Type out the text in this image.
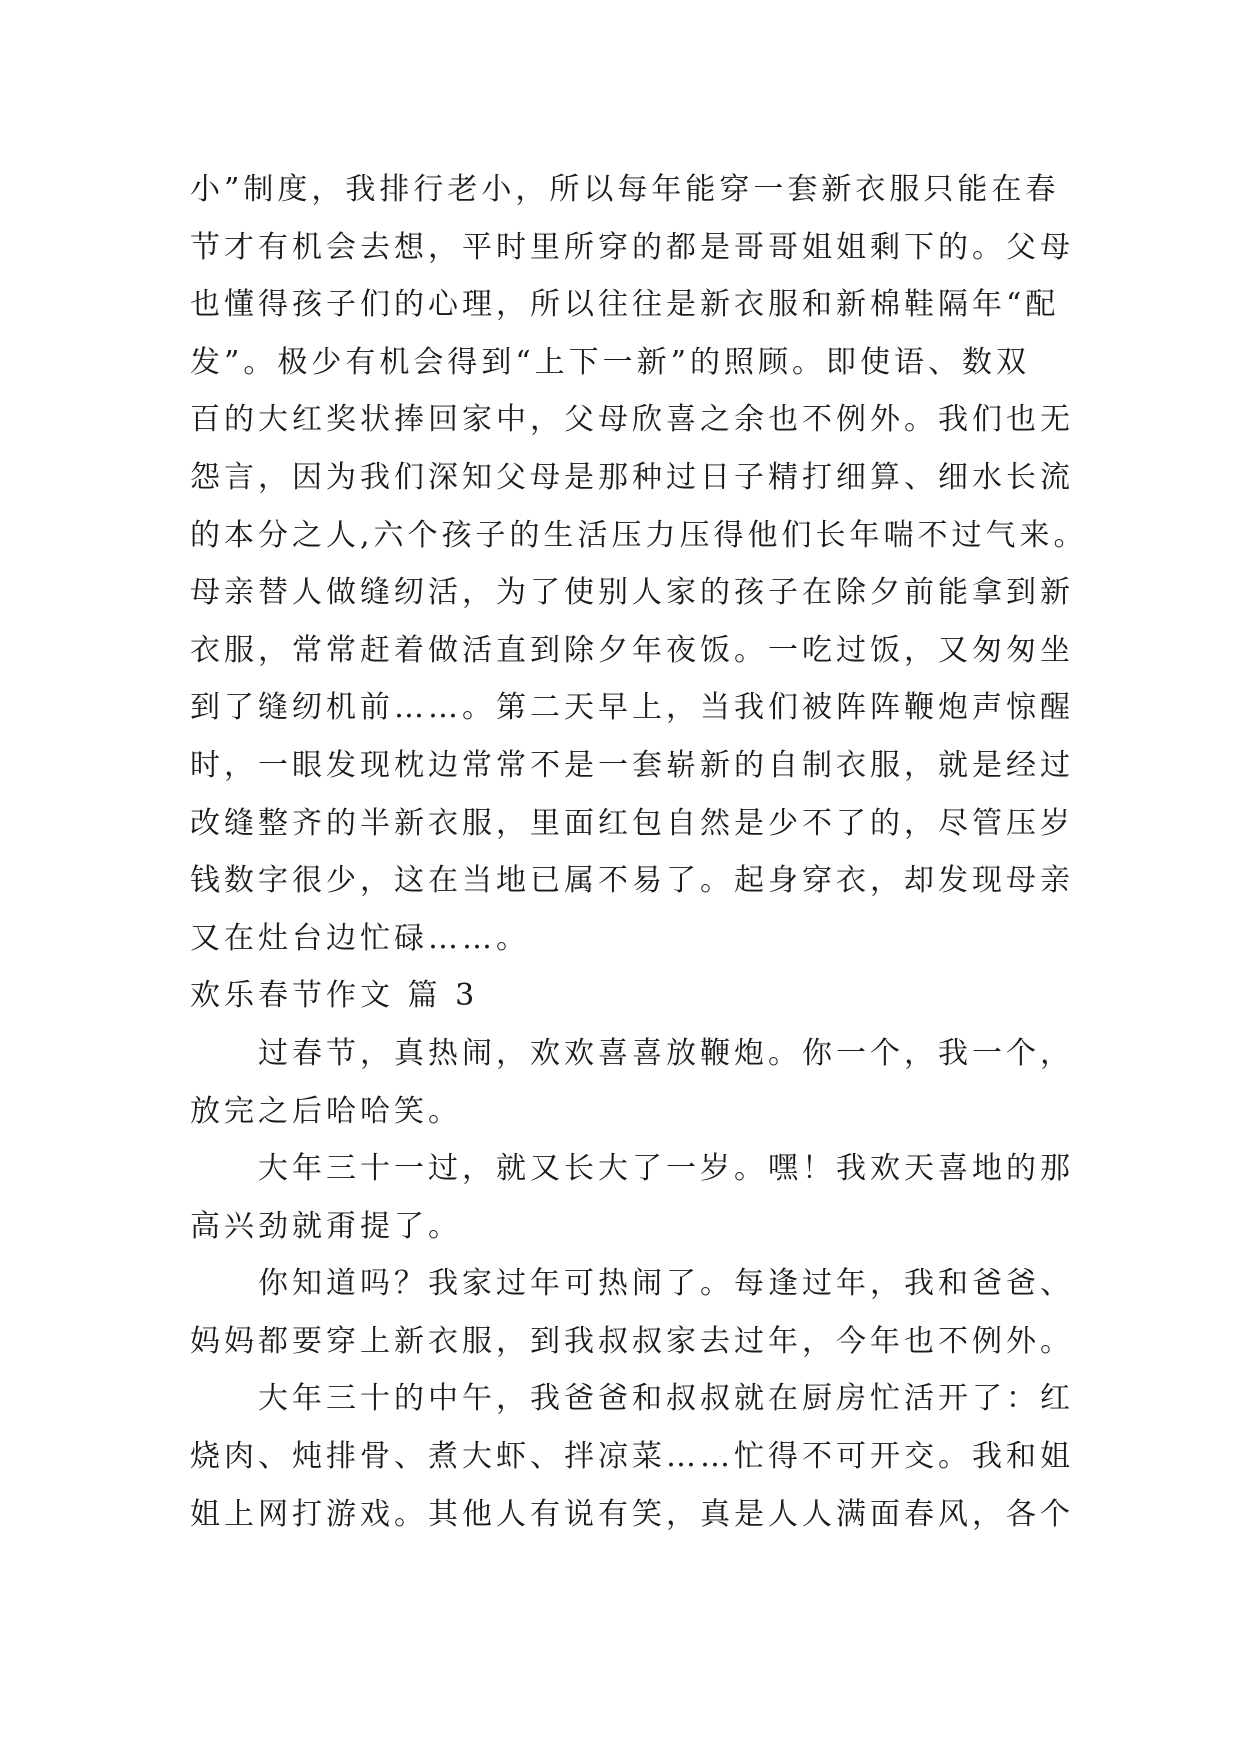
小”制度，我排行老小，所以每年能穿一套新衣服只能在春
节才有机会去想，平时里所穿的都是哥哥姐姐剩下的。父母
也懂得孩子们的心理，所以往往是新衣服和新棉鞋隔年“配
发”。极少有机会得到“上下一新”的照顾。即使语、数双
百的大红奖状捧回家中，父母欣喜之余也不例外。我们也无
怨言，因为我们深知父母是那种过日子精打细算、细水长流
的本分之人,六个孩子的生活压力压得他们长年喘不过气来。
母亲替人做缝纫活，为了使别人家的孩子在除夕前能拿到新
衣服，常常赶着做活直到除夕年夜饭。一吃过饭，又匆匆坐
到了缝纫机前……。第二天早上，当我们被阵阵鞭炮声惊醒
时，一眼发现枕边常常不是一套崭新的自制衣服，就是经过
改缝整齐的半新衣服，里面红包自然是少不了的，尽管压岁
钱数字很少，这在当地已属不易了。起身穿衣，却发现母亲
又在灶台边忙碌……。
欢乐春节作文 篇 3
过春节，真热闹，欢欢喜喜放鞭炮。你一个，我一个，
放完之后哈哈笑。
大年三十一过，就又长大了一岁。嘿！我欢天喜地的那
高兴劲就甭提了。
你知道吗？我家过年可热闹了。每逢过年，我和爸爸、
妈妈都要穿上新衣服，到我叔叔家去过年，今年也不例外。
大年三十的中午，我爸爸和叔叔就在厨房忙活开了：红
烧肉、炖排骨、煮大虾、拌凉菜……忙得不可开交。我和姐
姐上网打游戏。其他人有说有笑，真是人人满面春风，各个
